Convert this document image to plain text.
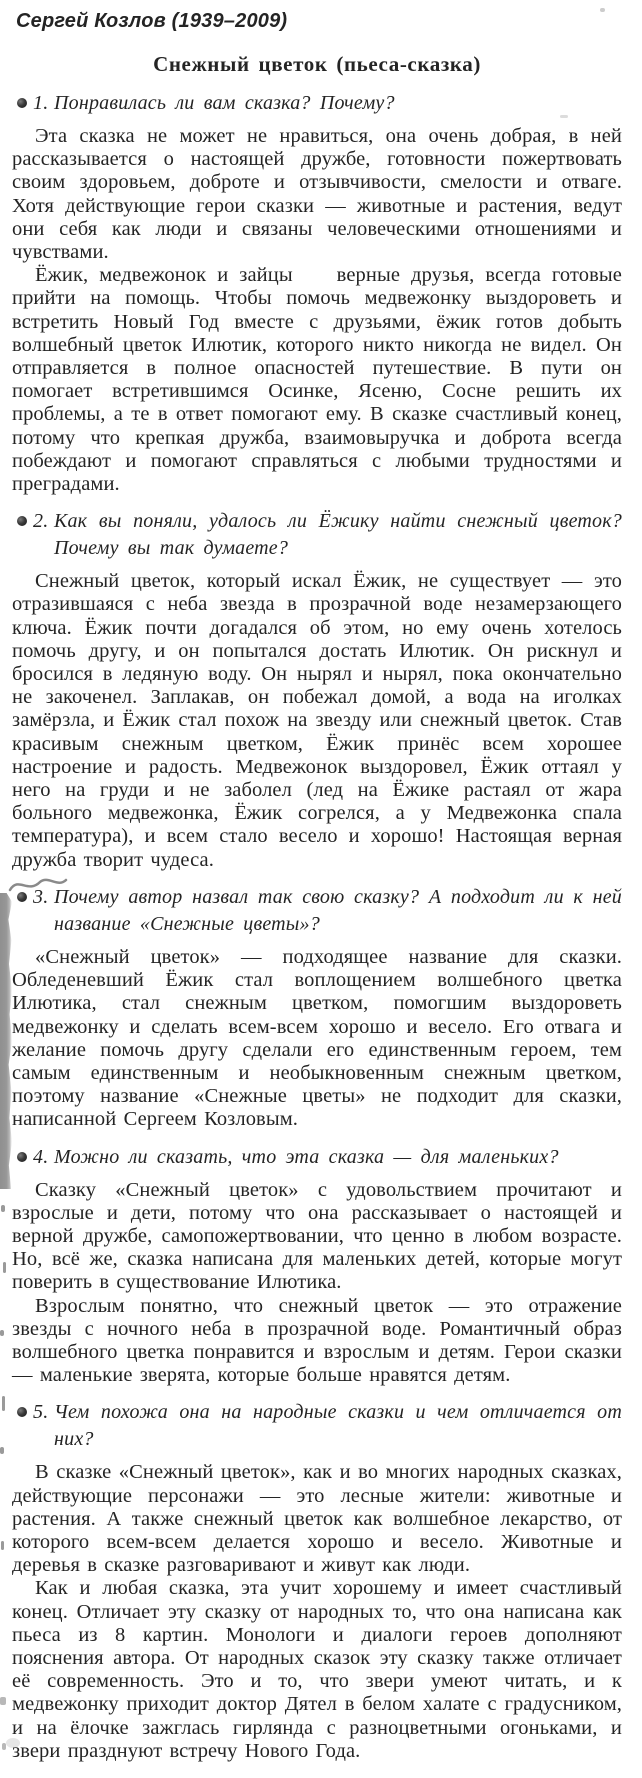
Сергей Козлов (1939–2009)
Снежный цветок (пьеса-сказка)
1. Понравилась ли вам сказка? Почему?

Эта сказка не может не нравиться, она очень добрая, в ней рассказывается о настоящей дружбе, готовности пожертвовать своим здоровьем, доброте и отзывчивости, смелости и отваге. Хотя действующие герои сказки — животные и растения, ведут они себя как люди и связаны человеческими отношениями и чувствами.

Ёжик, медвежонок и зайцы    верные друзья, всегда готовые прийти на помощь. Чтобы помочь медвежонку выздороветь и встретить Новый Год вместе с друзьями, ёжик готов добыть волшебный цветок Илютик, которого никто никогда не видел. Он отправляется в полное опасностей путешествие. В пути он помогает встретившимся Осинке, Ясеню, Сосне решить их проблемы, а те в ответ помогают ему. В сказке счастливый конец, потому что крепкая дружба, взаимовыручка и доброта всегда побеждают и помогают справляться с любыми трудностями и преградами.

2. Как вы поняли, удалось ли Ёжику найти снежный цветок? Почему вы так думаете?

Снежный цветок, который искал Ёжик, не существует — это отразившаяся с неба звезда в прозрачной воде незамерзающего ключа. Ёжик почти догадался об этом, но ему очень хотелось помочь другу, и он попытался достать Илютик. Он рискнул и бросился в ледяную воду. Он нырял и нырял, пока окончательно не закоченел. Заплакав, он побежал домой, а вода на иголках замёрзла, и Ёжик стал похож на звезду или снежный цветок. Став красивым снежным цветком, Ёжик принёс всем хорошее настроение и радость. Медвежонок выздоровел, Ёжик оттаял у него на груди и не заболел (лед на Ёжике растаял от жара больного медвежонка, Ёжик согрелся, а у Медвежонка спала температура), и всем стало весело и хорошо! Настоящая верная дружба творит чудеса.

3. Почему автор назвал так свою сказку? А подходит ли к ней название «Снежные цветы»?

«Снежный цветок» — подходящее название для сказки. Обледеневший Ёжик стал воплощением волшебного цветка Илютика, стал снежным цветком, помогшим выздороветь медвежонку и сделать всем-всем хорошо и весело. Его отвага и желание помочь другу сделали его единственным героем, тем самым единственным и необыкновенным снежным цветком, поэтому название «Снежные цветы» не подходит для сказки, написанной Сергеем Козловым.

4. Можно ли сказать, что эта сказка — для маленьких?

Сказку «Снежный цветок» с удовольствием прочитают и взрослые и дети, потому что она рассказывает о настоящей и верной дружбе, самопожертвовании, что ценно в любом возрасте. Но, всё же, сказка написана для маленьких детей, которые могут поверить в существование Илютика.

Взрослым понятно, что снежный цветок — это отражение звезды с ночного неба в прозрачной воде. Романтичный образ волшебного цветка понравится и взрослым и детям. Герои сказки — маленькие зверята, которые больше нравятся детям.

5. Чем похожа она на народные сказки и чем отличается от них?

В сказке «Снежный цветок», как и во многих народных сказках, действующие персонажи — это лесные жители: животные и растения. А также снежный цветок как волшебное лекарство, от которого всем-всем делается хорошо и весело. Животные и деревья в сказке разговаривают и живут как люди.

Как и любая сказка, эта учит хорошему и имеет счастливый конец. Отличает эту сказку от народных то, что она написана как пьеса из 8 картин. Монологи и диалоги героев дополняют пояснения автора. От народных сказок эту сказку также отличает её современность. Это и то, что звери умеют читать, и к медвежонку приходит доктор Дятел в белом халате с градусником, и на ёлочке зажглась гирлянда с разноцветными огоньками, и звери празднуют встречу Нового Года.
